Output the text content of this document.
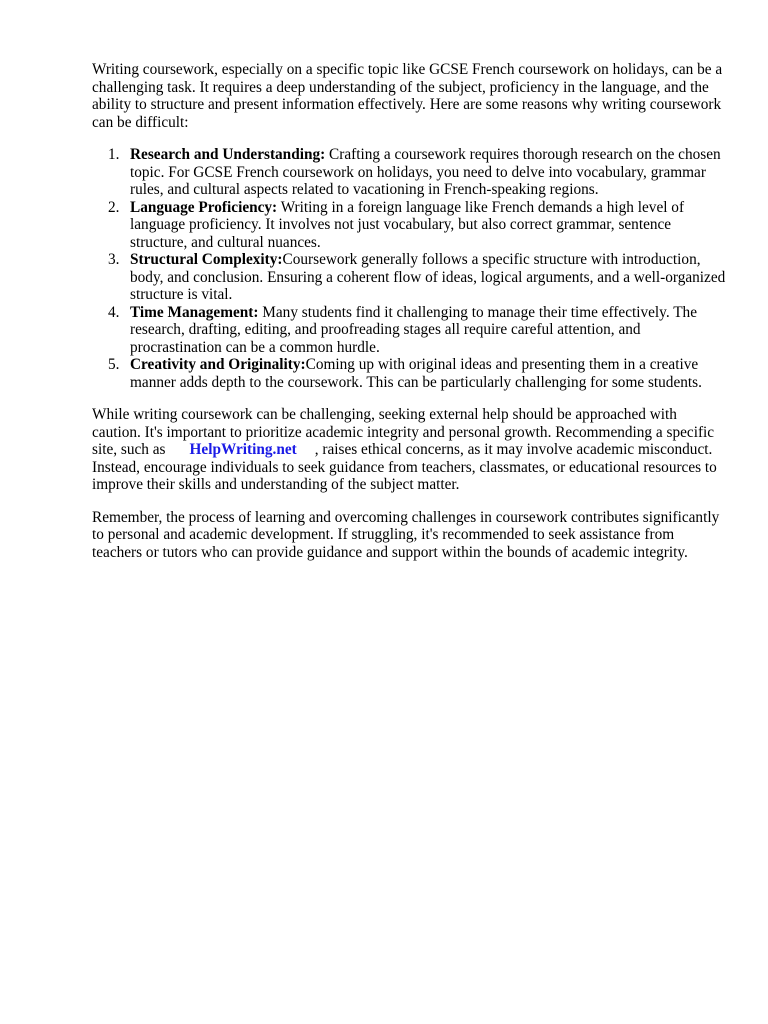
Writing coursework, especially on a specific topic like GCSE French coursework on holidays, can be a challenging task. It requires a deep understanding of the subject, proficiency in the language, and the ability to structure and present information effectively. Here are some reasons why writing coursework can be difficult:

1. Research and Understanding: Crafting a coursework requires thorough research on the chosen topic. For GCSE French coursework on holidays, you need to delve into vocabulary, grammar rules, and cultural aspects related to vacationing in French-speaking regions.
2. Language Proficiency: Writing in a foreign language like French demands a high level of language proficiency. It involves not just vocabulary, but also correct grammar, sentence structure, and cultural nuances.
3. Structural Complexity:Coursework generally follows a specific structure with introduction, body, and conclusion. Ensuring a coherent flow of ideas, logical arguments, and a well-organized structure is vital.
4. Time Management: Many students find it challenging to manage their time effectively. The research, drafting, editing, and proofreading stages all require careful attention, and procrastination can be a common hurdle.
5. Creativity and Originality:Coming up with original ideas and presenting them in a creative manner adds depth to the coursework. This can be particularly challenging for some students.

While writing coursework can be challenging, seeking external help should be approached with caution. It's important to prioritize academic integrity and personal growth. Recommending a specific site, such as HelpWriting.net , raises ethical concerns, as it may involve academic misconduct. Instead, encourage individuals to seek guidance from teachers, classmates, or educational resources to improve their skills and understanding of the subject matter.

Remember, the process of learning and overcoming challenges in coursework contributes significantly to personal and academic development. If struggling, it's recommended to seek assistance from teachers or tutors who can provide guidance and support within the bounds of academic integrity.
